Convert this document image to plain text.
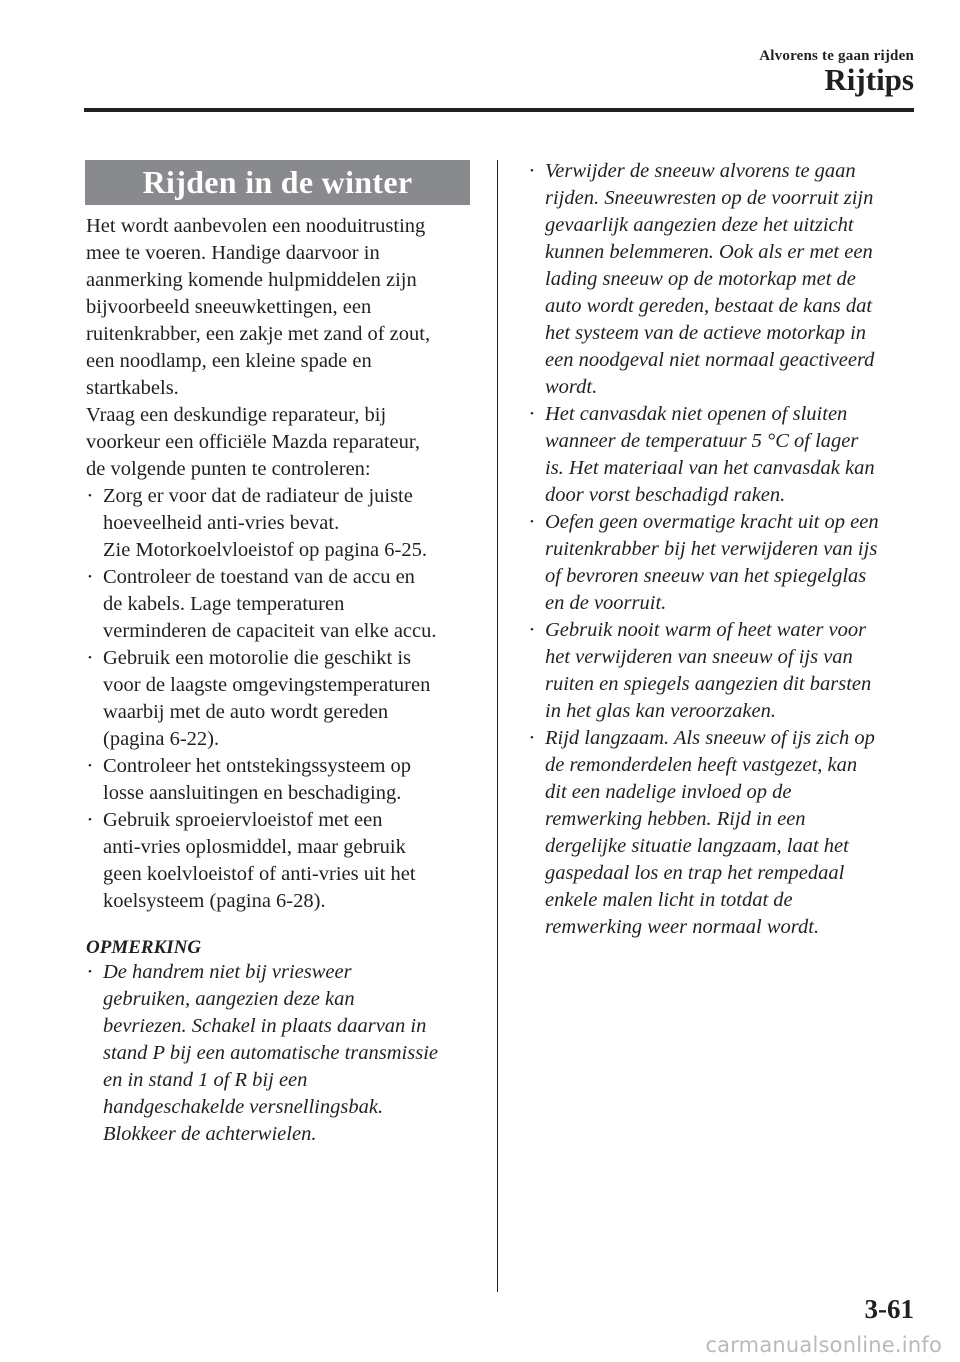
Alvorens te gaan rijden
Rijtips
Rijden in de winter

Het wordt aanbevolen een nooduitrusting
mee te voeren. Handige daarvoor in
aanmerking komende hulpmiddelen zijn
bijvoorbeeld sneeuwkettingen, een
ruitenkrabber, een zakje met zand of zout,
een noodlamp, een kleine spade en
startkabels.
Vraag een deskundige reparateur, bij
voorkeur een officiële Mazda reparateur,
de volgende punten te controleren:

• Zorg er voor dat de radiateur de juiste
hoeveelheid anti-vries bevat.
Zie Motorkoelvloeistof op pagina 6-25.
• Controleer de toestand van de accu en
de kabels. Lage temperaturen
verminderen de capaciteit van elke accu.
• Gebruik een motorolie die geschikt is
voor de laagste omgevingstemperaturen
waarbij met de auto wordt gereden
(pagina 6-22).
• Controleer het ontstekingssysteem op
losse aansluitingen en beschadiging.
• Gebruik sproeiervloeistof met een
anti-vries oplosmiddel, maar gebruik
geen koelvloeistof of anti-vries uit het
koelsysteem (pagina 6-28).
OPMERKING
• De handrem niet bij vriesweer
gebruiken, aangezien deze kan
bevriezen. Schakel in plaats daarvan in
stand P bij een automatische transmissie
en in stand 1 of R bij een
handgeschakelde versnellingsbak.
Blokkeer de achterwielen.
• Verwijder de sneeuw alvorens te gaan
rijden. Sneeuwresten op de voorruit zijn
gevaarlijk aangezien deze het uitzicht
kunnen belemmeren. Ook als er met een
lading sneeuw op de motorkap met de
auto wordt gereden, bestaat de kans dat
het systeem van de actieve motorkap in
een noodgeval niet normaal geactiveerd
wordt.
• Het canvasdak niet openen of sluiten
wanneer de temperatuur 5 °C of lager
is. Het materiaal van het canvasdak kan
door vorst beschadigd raken.
• Oefen geen overmatige kracht uit op een
ruitenkrabber bij het verwijderen van ijs
of bevroren sneeuw van het spiegelglas
en de voorruit.
• Gebruik nooit warm of heet water voor
het verwijderen van sneeuw of ijs van
ruiten en spiegels aangezien dit barsten
in het glas kan veroorzaken.
• Rijd langzaam. Als sneeuw of ijs zich op
de remonderdelen heeft vastgezet, kan
dit een nadelige invloed op de
remwerking hebben. Rijd in een
dergelijke situatie langzaam, laat het
gaspedaal los en trap het rempedaal
enkele malen licht in totdat de
remwerking weer normaal wordt.
3-61
carmanualsonline.info
